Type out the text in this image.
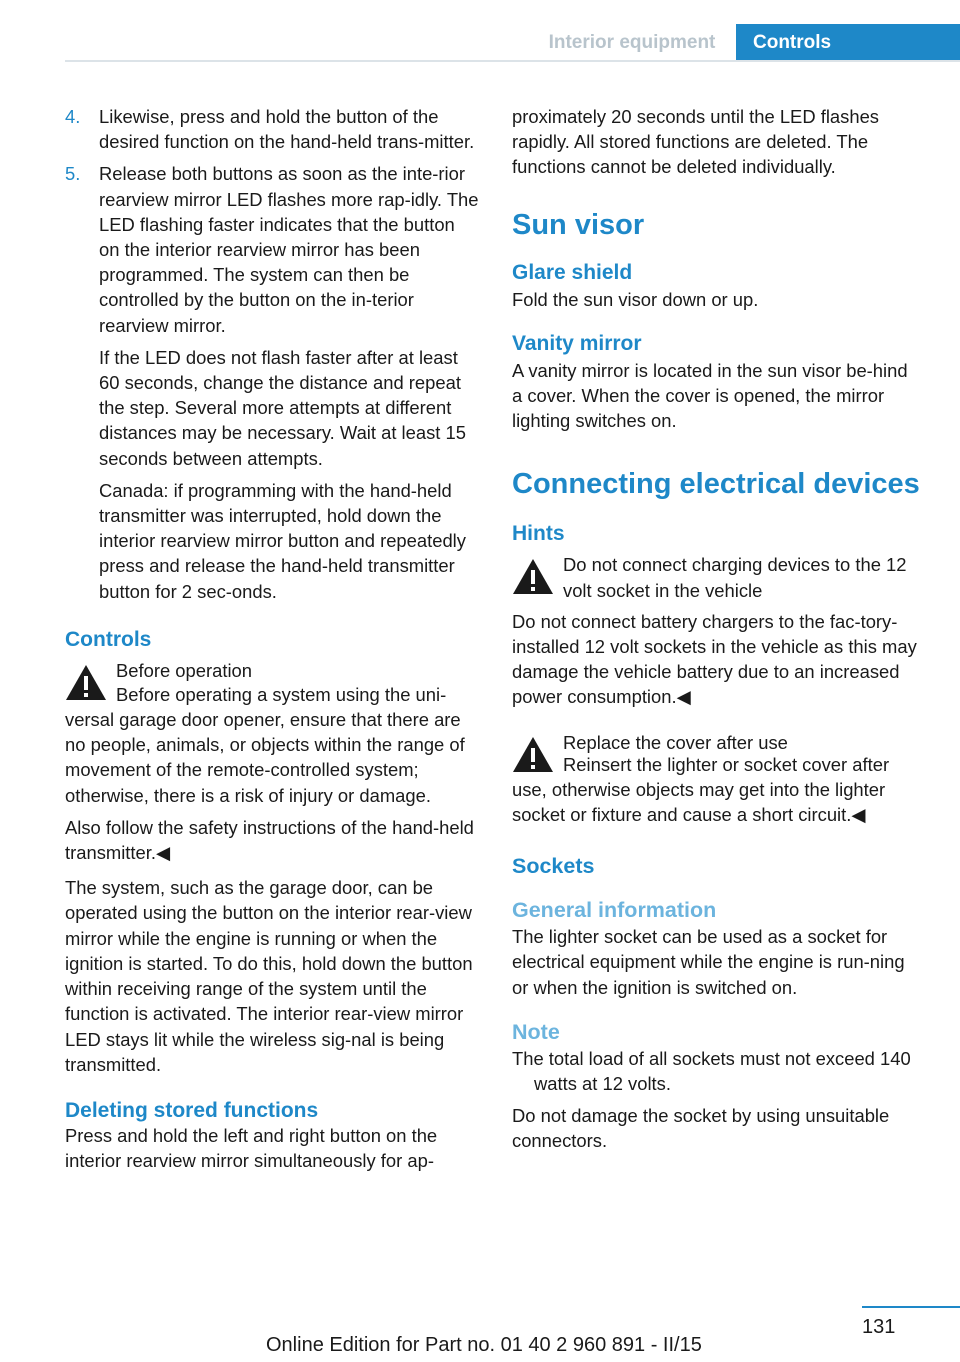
Interior equipment	Controls
4. Likewise, press and hold the button of the desired function on the hand-held trans-mitter.
5. Release both buttons as soon as the inte-rior rearview mirror LED flashes more rap-idly. The LED flashing faster indicates that the button on the interior rearview mirror has been programmed. The system can then be controlled by the button on the in-terior rearview mirror.

If the LED does not flash faster after at least 60 seconds, change the distance and repeat the step. Several more attempts at different distances may be necessary. Wait at least 15 seconds between attempts.

Canada: if programming with the hand-held transmitter was interrupted, hold down the interior rearview mirror button and repeatedly press and release the hand-held transmitter button for 2 sec-onds.

Controls
Before operation

Before operating a system using the uni-versal garage door opener, ensure that there are no people, animals, or objects within the range of movement of the remote-controlled system; otherwise, there is a risk of injury or damage.

Also follow the safety instructions of the hand-held transmitter.◀

The system, such as the garage door, can be operated using the button on the interior rear-view mirror while the engine is running or when the ignition is started. To do this, hold down the button within receiving range of the system until the function is activated. The interior rear-view mirror LED stays lit while the wireless sig-nal is being transmitted.

Deleting stored functions

Press and hold the left and right button on the interior rearview mirror simultaneously for ap-

proximately 20 seconds until the LED flashes rapidly. All stored functions are deleted. The functions cannot be deleted individually.

Sun visor
Glare shield

Fold the sun visor down or up.

Vanity mirror

A vanity mirror is located in the sun visor be-hind a cover. When the cover is opened, the mirror lighting switches on.

Connecting electrical devices
Hints
Do not connect charging devices to the 12 volt socket in the vehicle

Do not connect battery chargers to the fac-tory-installed 12 volt sockets in the vehicle as this may damage the vehicle battery due to an increased power consumption.◀

Replace the cover after use

Reinsert the lighter or socket cover after use, otherwise objects may get into the lighter socket or fixture and cause a short circuit.◀

Sockets
General information

The lighter socket can be used as a socket for electrical equipment while the engine is run-ning or when the ignition is switched on.

Note

The total load of all sockets must not exceed 140 watts at 12 volts.

Do not damage the socket by using unsuitable connectors.

131
Online Edition for Part no. 01 40 2 960 891 - II/15
